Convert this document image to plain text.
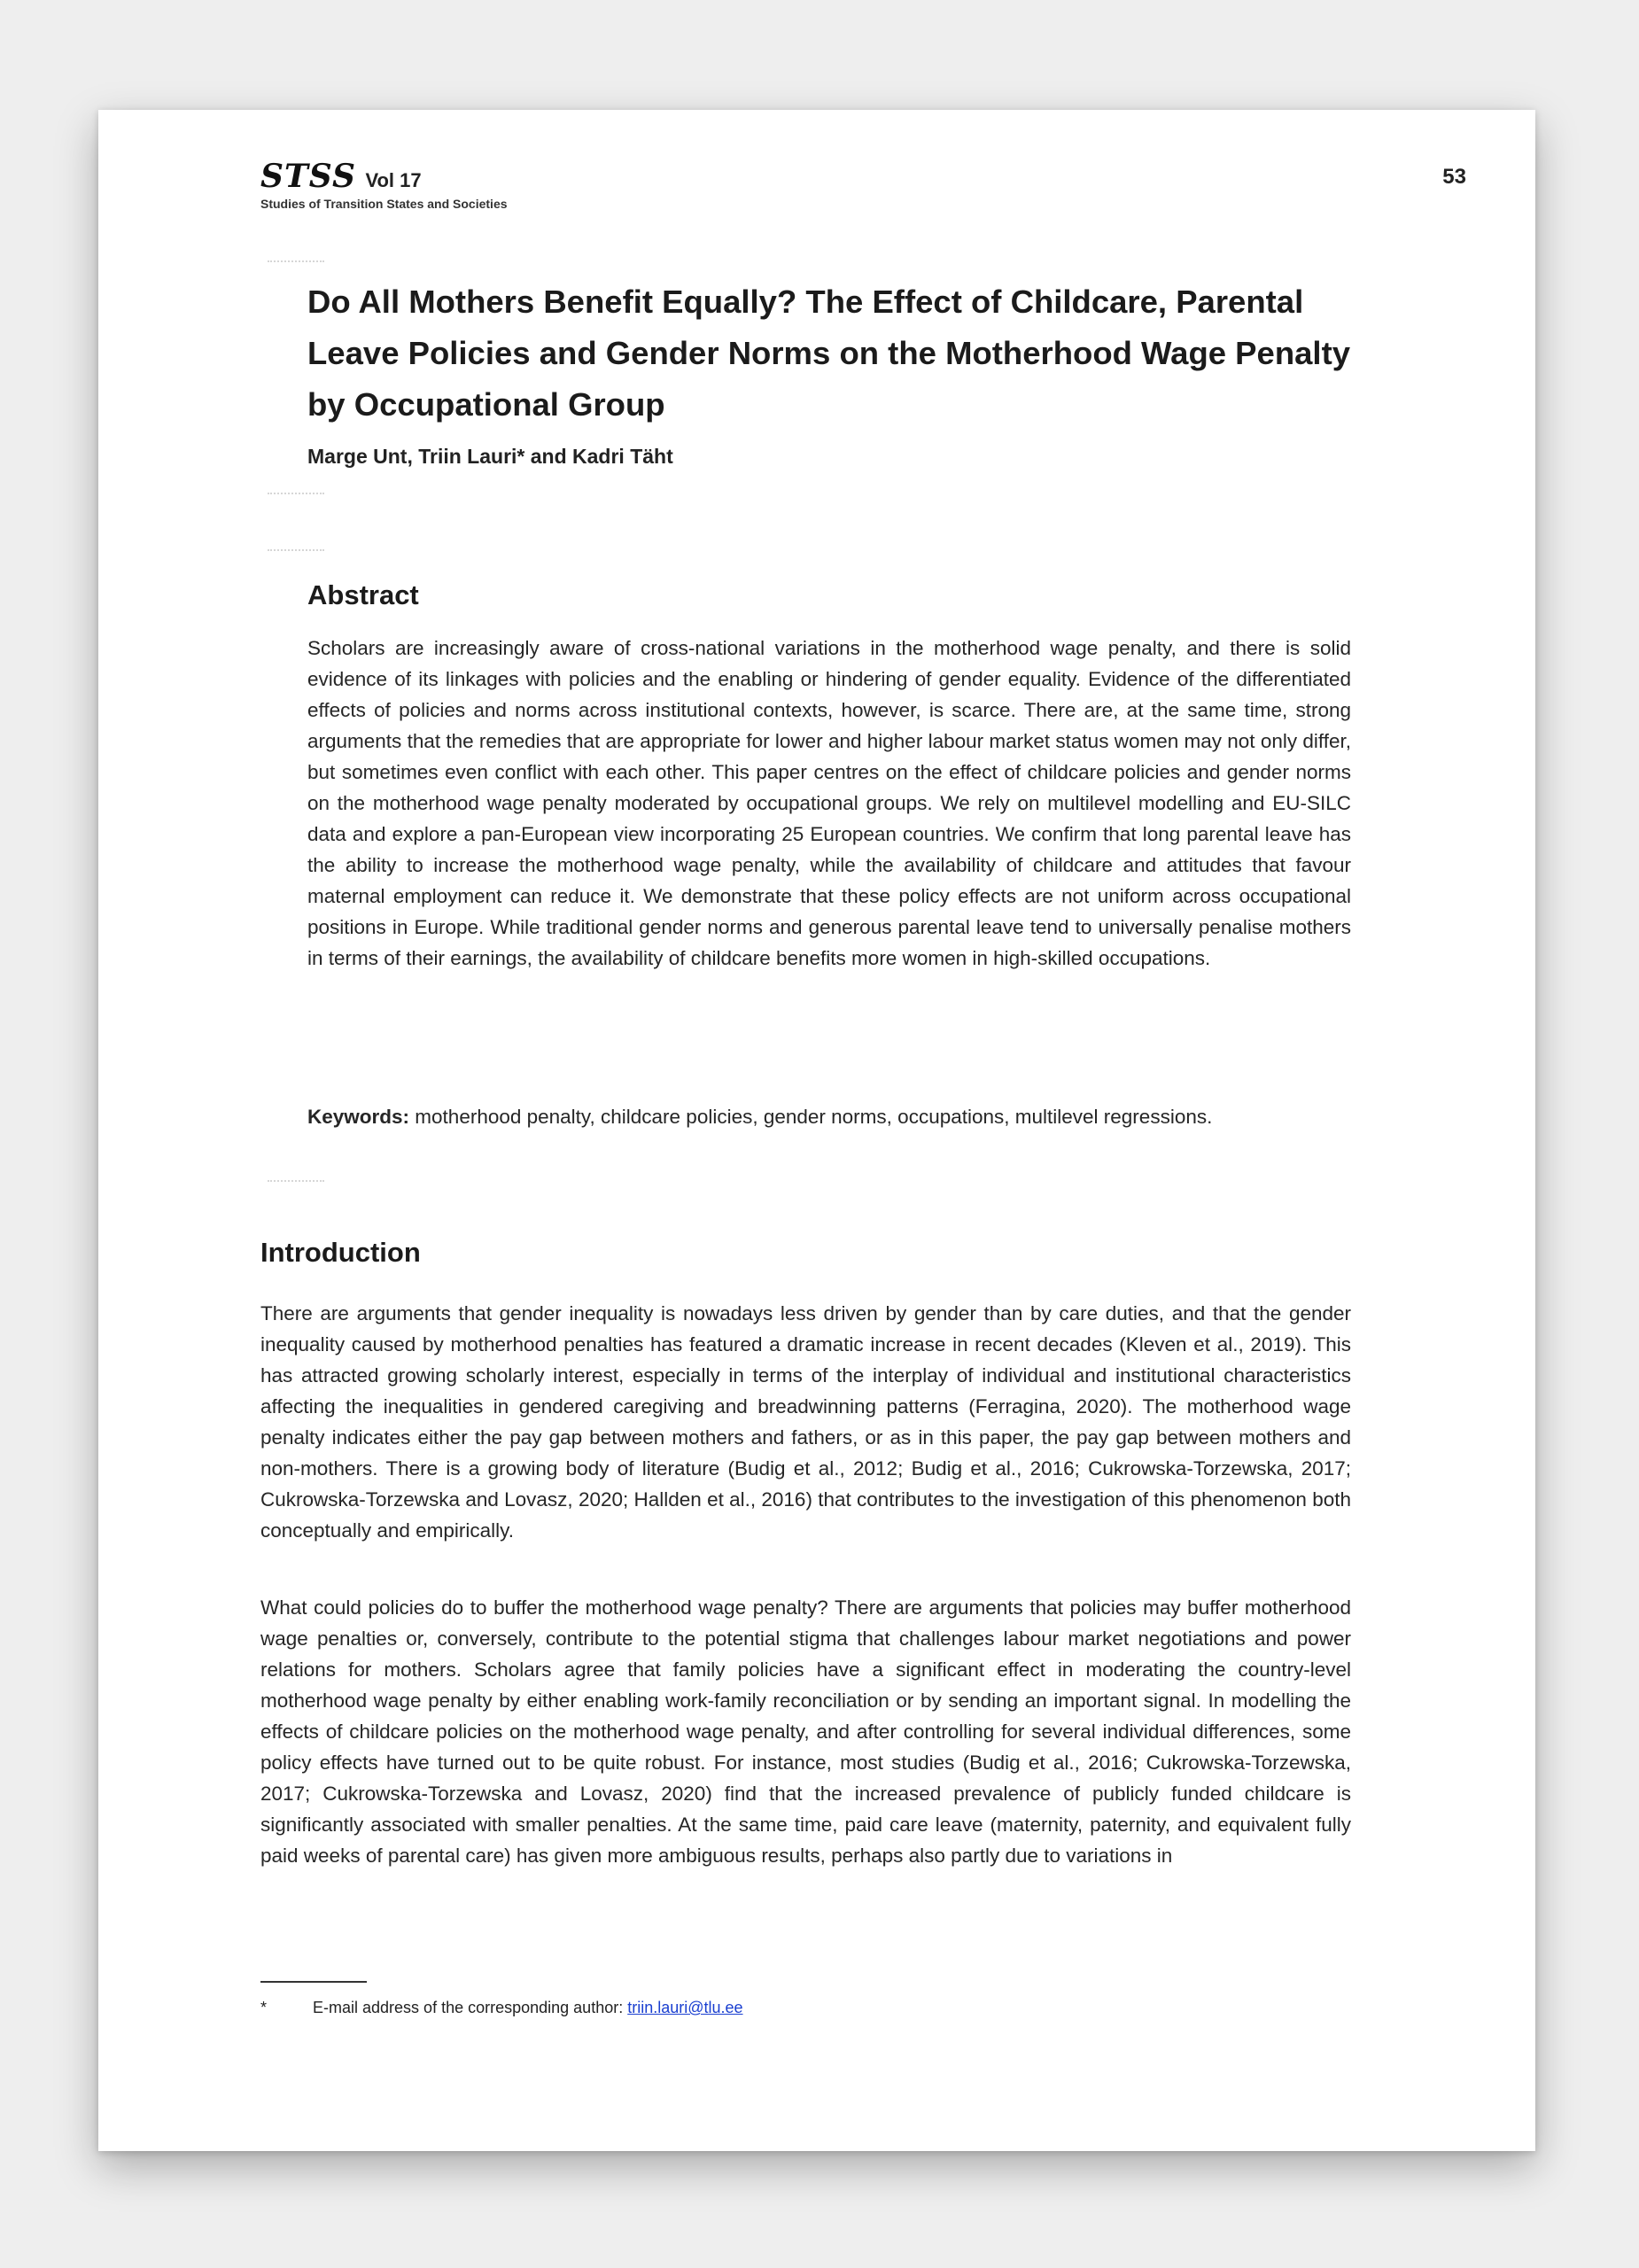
STSS Vol 17
Studies of Transition States and Societies
53
Do All Mothers Benefit Equally? The Effect of Childcare, Parental Leave Policies and Gender Norms on the Motherhood Wage Penalty by Occupational Group
Marge Unt, Triin Lauri* and Kadri Täht
Abstract

Scholars are increasingly aware of cross-national variations in the motherhood wage penalty, and there is solid evidence of its linkages with policies and the enabling or hindering of gender equality. Evidence of the differentiated effects of policies and norms across institutional contexts, however, is scarce. There are, at the same time, strong arguments that the remedies that are appropriate for lower and higher labour market status women may not only differ, but sometimes even conflict with each other. This paper centres on the effect of childcare policies and gender norms on the motherhood wage penalty moderated by occupational groups. We rely on multilevel modelling and EU-SILC data and explore a pan-European view incorporating 25 European countries. We confirm that long parental leave has the ability to increase the motherhood wage penalty, while the availability of childcare and attitudes that favour maternal employment can reduce it. We demonstrate that these policy effects are not uniform across occupational positions in Europe. While traditional gender norms and generous parental leave tend to universally penalise mothers in terms of their earnings, the availability of childcare benefits more women in high-skilled occupations.

Keywords: motherhood penalty, childcare policies, gender norms, occupations, multilevel regressions.

Introduction

There are arguments that gender inequality is nowadays less driven by gender than by care duties, and that the gender inequality caused by motherhood penalties has featured a dramatic increase in recent decades (Kleven et al., 2019). This has attracted growing scholarly interest, especially in terms of the interplay of individual and institutional characteristics affecting the inequalities in gendered caregiving and breadwinning patterns (Ferragina, 2020). The motherhood wage penalty indicates either the pay gap between mothers and fathers, or as in this paper, the pay gap between mothers and non-mothers. There is a growing body of literature (Budig et al., 2012; Budig et al., 2016; Cukrowska-Torzewska, 2017; Cukrowska-Torzewska and Lovasz, 2020; Hallden et al., 2016) that contributes to the investigation of this phenomenon both conceptually and empirically.

What could policies do to buffer the motherhood wage penalty? There are arguments that policies may buffer motherhood wage penalties or, conversely, contribute to the potential stigma that challenges labour market negotiations and power relations for mothers. Scholars agree that family policies have a significant effect in moderating the country-level motherhood wage penalty by either enabling work-family reconciliation or by sending an important signal. In modelling the effects of childcare policies on the motherhood wage penalty, and after controlling for several individual differences, some policy effects have turned out to be quite robust. For instance, most studies (Budig et al., 2016; Cukrowska-Torzewska, 2017; Cukrowska-Torzewska and Lovasz, 2020) find that the increased prevalence of publicly funded childcare is significantly associated with smaller penalties. At the same time, paid care leave (maternity, paternity, and equivalent fully paid weeks of parental care) has given more ambiguous results, perhaps also partly due to variations in

*	E-mail address of the corresponding author: triin.lauri@tlu.ee
